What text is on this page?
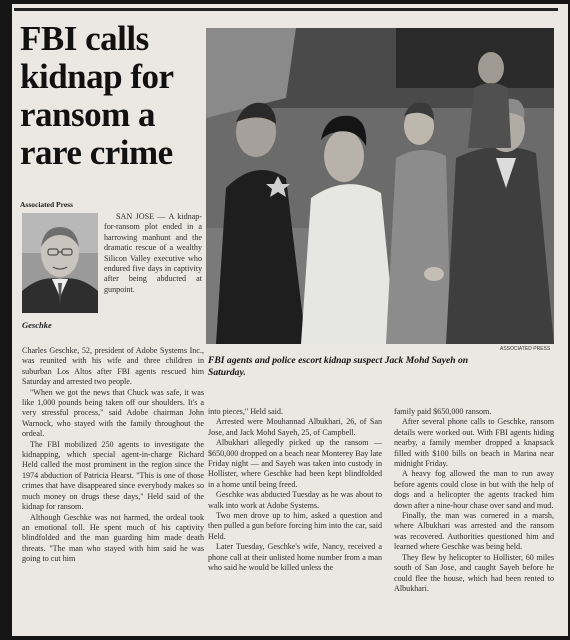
FBI calls kidnap for ransom a rare crime
Associated Press
Geschke

SAN JOSE — A kidnap-for-ransom plot ended in a harrowing manhunt and the dramatic rescue of a wealthy Silicon Valley executive who endured five days in captivity after being abducted at gunpoint.

Charles Geschke, 52, president of Adobe Systems Inc., was reunited with his wife and three children in suburban Los Altos after FBI agents rescued him Saturday and arrested two people.

"When we got the news that Chuck was safe, it was like 1,000 pounds being taken off our shoulders. It's a very stressful process," said Adobe chairman John Warnock, who stayed with the family throughout the ordeal.

The FBI mobilized 250 agents to investigate the kidnapping, which special agent-in-charge Richard Held called the most prominent in the region since the 1974 abduction of Patricia Hearst. "This is one of those crimes that have disappeared since everybody makes so much money on drugs these days," Held said of the kidnap for ransom.

Although Geschke was not harmed, the ordeal took an emotional toll. He spent much of his captivity blindfolded and the man guarding him made death threats. "The man who stayed with him said he was going to cut him

ASSOCIATED PRESS
FBI agents and police escort kidnap suspect Jack Mohd Sayeh on Saturday.

into pieces," Held said.

Arrested were Mouhannad Albukhari, 26, of San Jose, and Jack Mohd Sayeh, 25, of Campbell.

Albukhari allegedly picked up the ransom — $650,000 dropped on a beach near Monterey Bay late Friday night — and Sayeh was taken into custody in Hollister, where Geschke had been kept blindfolded in a home until being freed.

Geschke was abducted Tuesday as he was about to walk into work at Adobe Systems.

Two men drove up to him, asked a question and then pulled a gun before forcing him into the car, said Held.

Later Tuesday, Geschke's wife, Nancy, received a phone call at their unlisted home number from a man who said he would be killed unless the

family paid $650,000 ransom.

After several phone calls to Geschke, ransom details were worked out. With FBI agents hiding nearby, a family member dropped a knapsack filled with $100 bills on beach in Marina near midnight Friday.

A heavy fog allowed the man to run away before agents could close in but with the help of dogs and a helicopter the agents tracked him down after a nine-hour chase over sand and mud.

Finally, the man was cornered in a marsh, where Albukhari was arrested and the ransom was recovered. Authorities questioned him and learned where Geschke was being held.

They flew by helicopter to Hollister, 60 miles south of San Jose, and caught Sayeh before he could flee the house, which had been rented to Albukhari.
